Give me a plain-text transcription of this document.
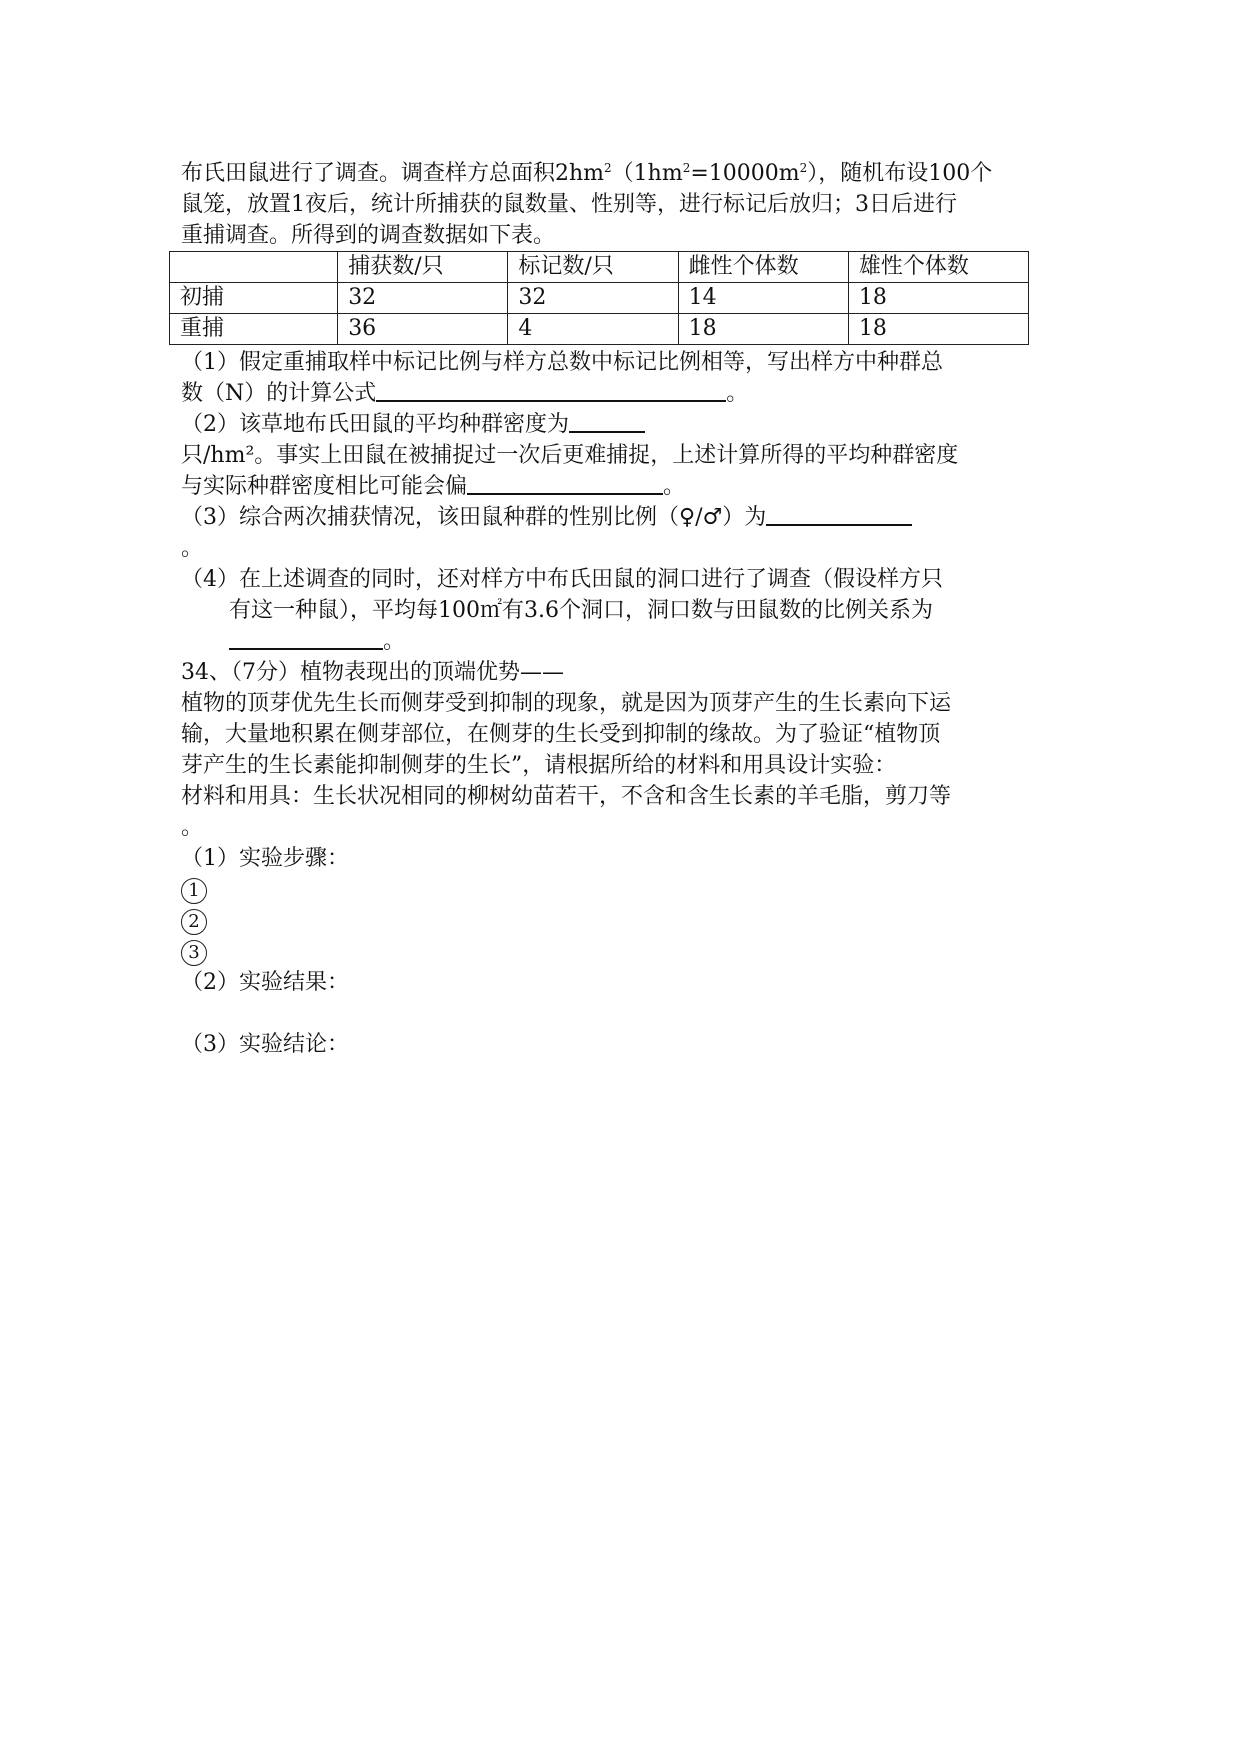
布氏田鼠进行了调查。调查样方总面积$2hm^2(1hm^2=10000m^2)$，随机布设100个
鼠笼，放置1夜后，统计所捕获的鼠数量、性别等，进行标记后放归；3日后进行
重捕调查。所得到的调查数据如下表。
	捕获数/只	标记数/只	雌性个体数	雄性个体数
初捕	32	32	14	18
重捕	36	4	18	18
（1）假定重捕取样中标记比例与样方总数中标记比例相等，写出样方中种群总
数（N）的计算公式	。
（2）该草地布氏田鼠的平均种群密度为
只/hm²。事实上田鼠在被捕捉过一次后更难捕捉，上述计算所得的平均种群密度
与实际种群密度相比可能会偏	。
（3）综合两次捕获情况，该田鼠种群的性别比例（♀/♂）为
。
（4）在上述调查的同时，还对样方中布氏田鼠的洞口进行了调查（假设样方只
有这一种鼠），平均每100㎡有3.6个洞口，洞口数与田鼠数的比例关系为
。
34、（7分）植物表现出的顶端优势——
植物的顶芽优先生长而侧芽受到抑制的现象，就是因为顶芽产生的生长素向下运
输，大量地积累在侧芽部位，在侧芽的生长受到抑制的缘故。为了验证“植物顶
芽产生的生长素能抑制侧芽的生长”，请根据所给的材料和用具设计实验：
材料和用具：生长状况相同的柳树幼苗若干，不含和含生长素的羊毛脂，剪刀等
。
（1）实验步骤：
1
2
3
（2）实验结果：
（3）实验结论：
